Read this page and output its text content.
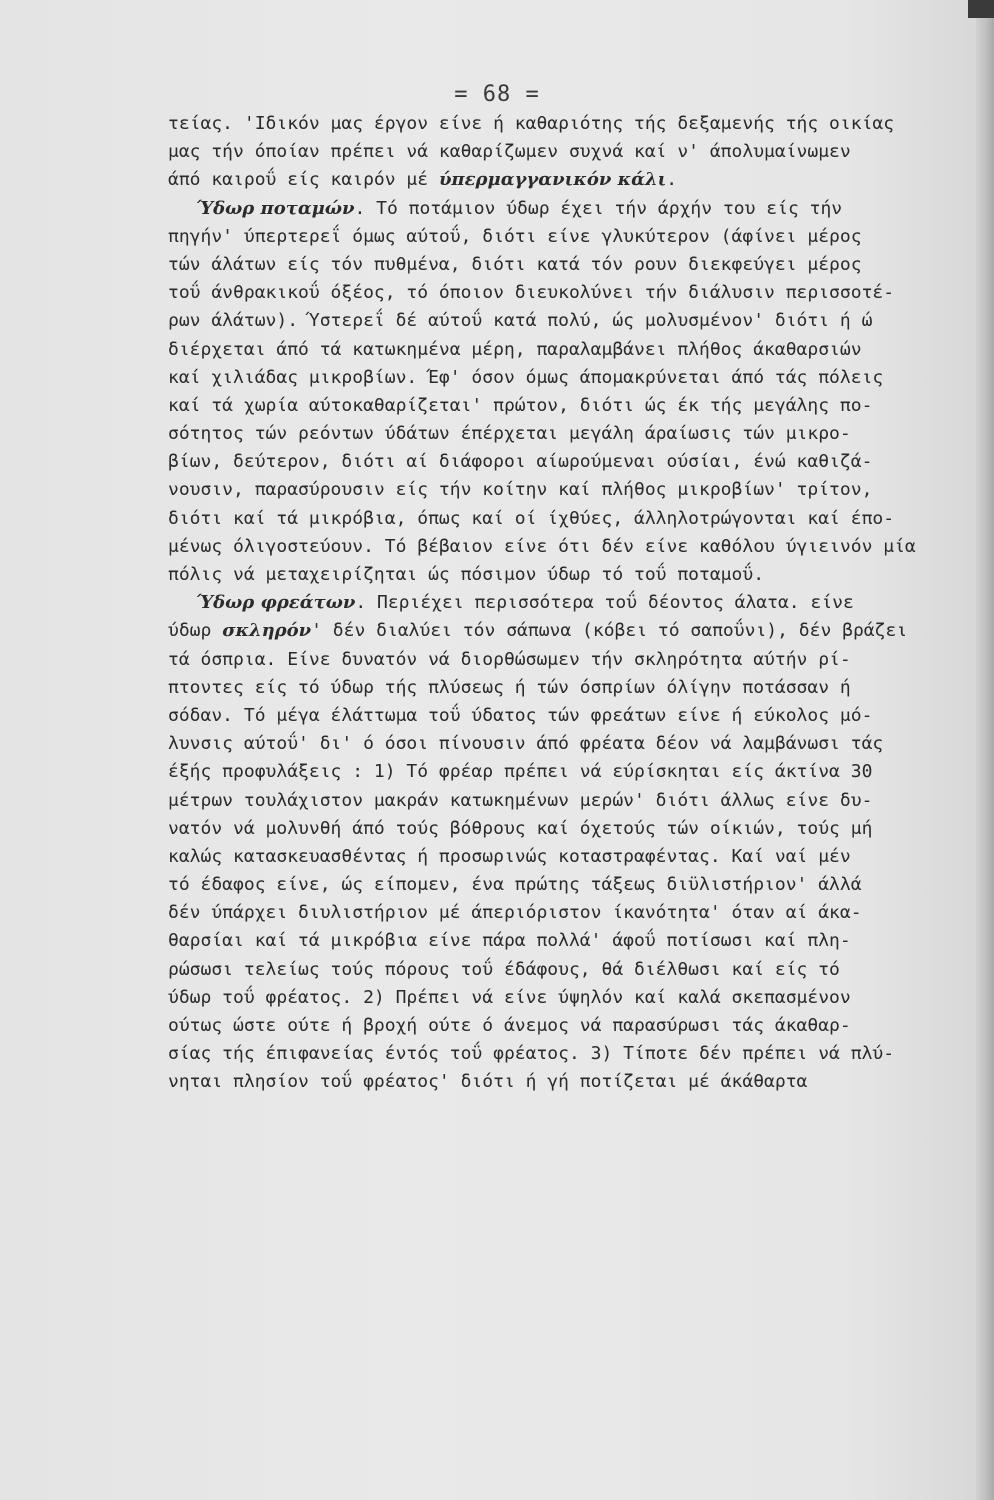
= 68 =
τείας. 'Ιδικόν μας έργον είνε ή καθαριότης τής δεξαμενής τής οικίας
μας τήν όποίαν πρέπει νά καθαρίζωμεν συχνά καί ν' άπολυμαίνωμεν
άπό καιροΰ είς καιρόν μέ ύπερμαγγανικόν κάλι.
Ύδωρ ποταμών. Τό ποτάμιον ύδωρ έχει τήν άρχήν του είς τήν
πηγήν' ύπερτερεΐ όμως αύτοΰ, διότι είνε γλυκύτερον (άφίνει μέρος
τών άλάτων είς τόν πυθμένα, διότι κατά τόν ρουν διεκφεύγει μέρος
τοΰ άνθρακικοΰ όξέος, τό όποιον διευκολύνει τήν διάλυσιν περισσοτέ-
ρων άλάτων). Ύστερεΐ δέ αύτοΰ κατά πολύ, ώς μολυσμένον' διότι ή ώ
διέρχεται άπό τά κατωκημένα μέρη, παραλαμβάνει πλήθος άκαθαρσιών
καί χιλιάδας μικροβίων. Έφ' όσον όμως άπομακρύνεται άπό τάς πόλεις
καί τά χωρία αύτοκαθαρίζεται' πρώτον, διότι ώς έκ τής μεγάλης πο-
σότητος τών ρεόντων ύδάτων έπέρχεται μεγάλη άραίωσις τών μικρο-
βίων, δεύτερον, διότι αί διάφοροι αίωρούμεναι ούσίαι, ένώ καθιζά-
νουσιν, παρασύρουσιν είς τήν κοίτην καί πλήθος μικροβίων' τρίτον,
διότι καί τά μικρόβια, όπως καί οί ίχθύες, άλληλοτρώγονται καί έπο-
μένως όλιγοστεύουν. Τό βέβαιον είνε ότι δέν είνε καθόλου ύγιεινόν μία
πόλις νά μεταχειρίζηται ώς πόσιμον ύδωρ τό τοΰ ποταμοΰ.
Ύδωρ φρεάτων. Περιέχει περισσότερα τοΰ δέοντος άλατα. είνε
ύδωρ σκληρόν' δέν διαλύει τόν σάπωνα (κόβει τό σαποΰνι), δέν βράζει
τά όσπρια. Είνε δυνατόν νά διορθώσωμεν τήν σκληρότητα αύτήν ρί-
πτοντες είς τό ύδωρ τής πλύσεως ή τών όσπρίων όλίγην ποτάσσαν ή
σόδαν. Τό μέγα έλάττωμα τοΰ ύδατος τών φρεάτων είνε ή εύκολος μό-
λυνσις αύτοΰ' δι' ό όσοι πίνουσιν άπό φρέατα δέον νά λαμβάνωσι τάς
έξής προφυλάξεις : 1) Τό φρέαρ πρέπει νά εύρίσκηται είς άκτίνα 30
μέτρων τουλάχιστον μακράν κατωκημένων μερών' διότι άλλως είνε δυ-
νατόν νά μολυνθή άπό τούς βόθρους καί όχετούς τών οίκιών, τούς μή
καλώς κατασκευασθέντας ή προσωρινώς κοταστραφέντας. Καί ναί μέν
τό έδαφος είνε, ώς είπομεν, ένα πρώτης τάξεως διϋλιστήριον' άλλά
δέν ύπάρχει διυλιστήριον μέ άπεριόριστον ίκανότητα' όταν αί άκα-
θαρσίαι καί τά μικρόβια είνε πάρα πολλά' άφοΰ ποτίσωσι καί πλη-
ρώσωσι τελείως τούς πόρους τοΰ έδάφους, θά διέλθωσι καί είς τό
ύδωρ τοΰ φρέατος. 2) Πρέπει νά είνε ύψηλόν καί καλά σκεπασμένον
ούτως ώστε ούτε ή βροχή ούτε ό άνεμος νά παρασύρωσι τάς άκαθαρ-
σίας τής έπιφανείας έντός τοΰ φρέατος. 3) Τίποτε δέν πρέπει νά πλύ-
νηται πλησίον τοΰ φρέατος' διότι ή γή ποτίζεται μέ άκάθαρτα
